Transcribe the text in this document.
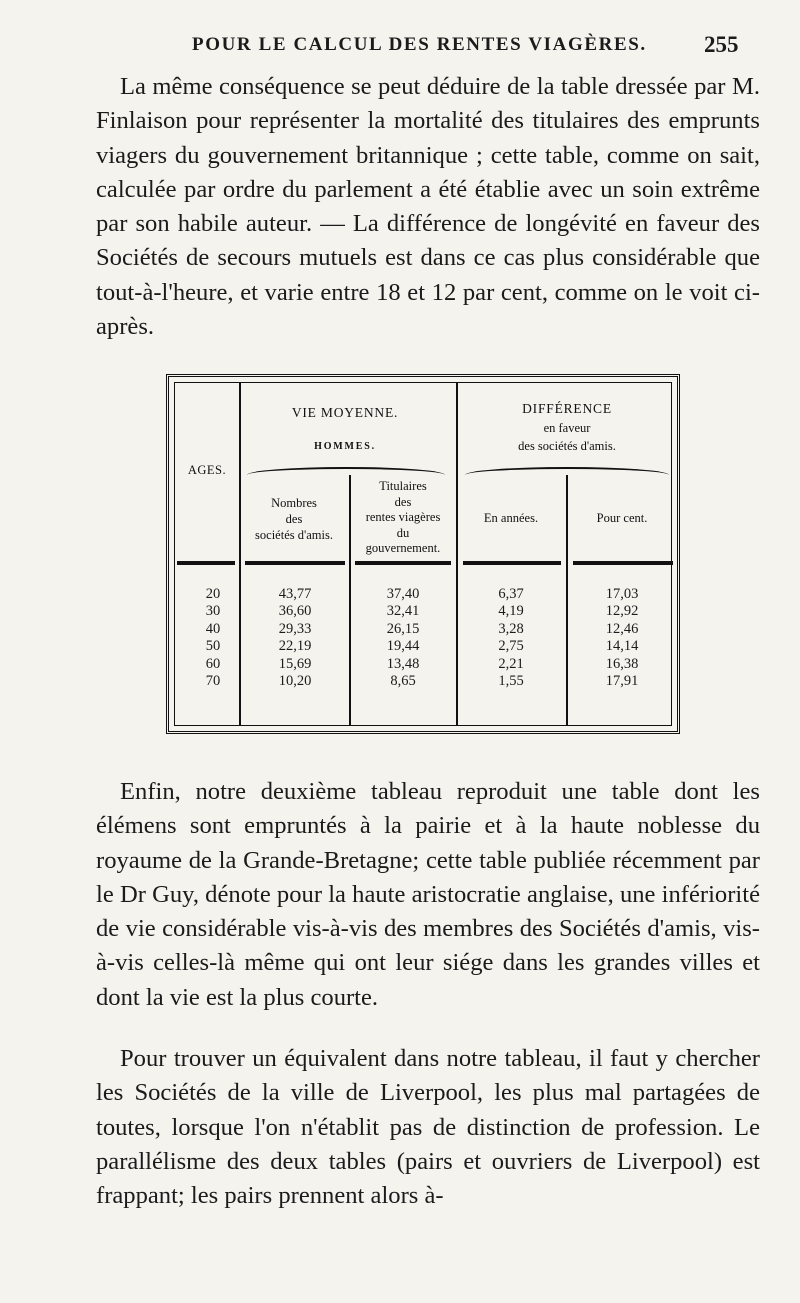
POUR LE CALCUL DES RENTES VIAGÈRES. 255

La même conséquence se peut déduire de la table dressée par M. Finlaison pour représenter la mortalité des titulaires des emprunts viagers du gouvernement britannique ; cette table, comme on sait, calculée par ordre du parlement a été établie avec un soin extrême par son habile auteur. — La différence de longévité en faveur des Sociétés de secours mutuels est dans ce cas plus considérable que tout-à-l'heure, et varie entre 18 et 12 par cent, comme on le voit ci-après.

VIE MOYENNE.
HOMMES.
DIFFÉRENCE
en faveur
des sociétés d'amis.
AGES.
Nombres
des
sociétés d'amis.
Titulaires
des
rentes viagères
du
gouvernement.
En années.	Pour cent.
20
30
40
50
60
70
43,77
36,60
29,33
22,19
15,69
10,20
37,40
32,41
26,15
19,44
13,48
8,65
6,37
4,19
3,28
2,75
2,21
1,55
17,03
12,92
12,46
14,14
16,38
17,91

Enfin, notre deuxième tableau reproduit une table dont les élémens sont empruntés à la pairie et à la haute noblesse du royaume de la Grande-Bretagne; cette table publiée récemment par le Dr Guy, dénote pour la haute aristocratie anglaise, une infériorité de vie considérable vis-à-vis des membres des Sociétés d'amis, vis-à-vis celles-là même qui ont leur siége dans les grandes villes et dont la vie est la plus courte.

Pour trouver un équivalent dans notre tableau, il faut y chercher les Sociétés de la ville de Liverpool, les plus mal partagées de toutes, lorsque l'on n'établit pas de distinction de profession. Le parallélisme des deux tables (pairs et ouvriers de Liverpool) est frappant; les pairs prennent alors à-
